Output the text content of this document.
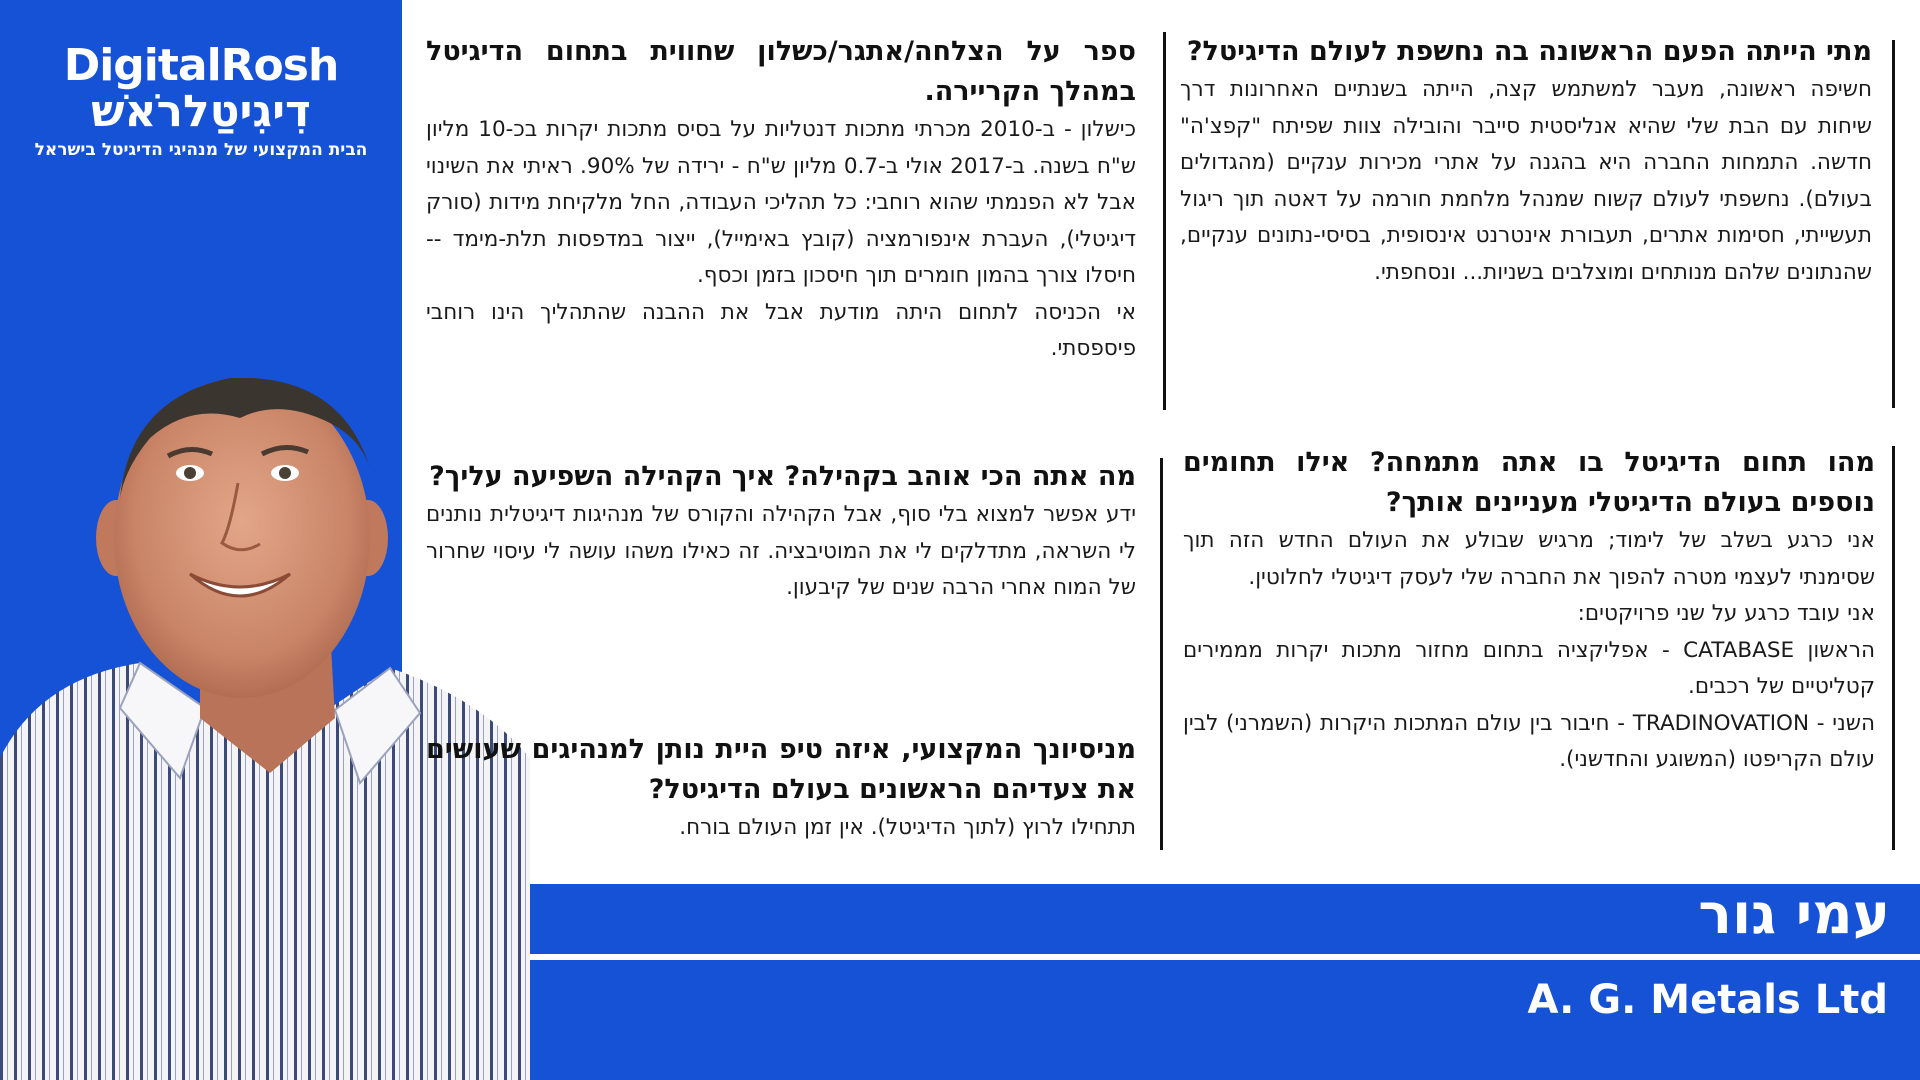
DigitalRosh
דִיגִיטַלרֹאשׁ
הבית המקצועי של מנהיגי הדיגיטל בישראל
עמי גור
A. G. Metals Ltd

מתי הייתה הפעם הראשונה בה נחשפת לעולם הדיגיטל?

חשיפה ראשונה, מעבר למשתמש קצה, הייתה בשנתיים האחרונות דרך שיחות עם הבת שלי שהיא אנליסטית סייבר והובילה צוות שפיתח "קפצ'ה" חדשה. התמחות החברה היא בהגנה על אתרי מכירות ענקיים (מהגדולים בעולם). נחשפתי לעולם קשוח שמנהל מלחמת חורמה על דאטה תוך ריגול תעשייתי, חסימות אתרים, תעבורת אינטרנט אינסופית, בסיסי-נתונים ענקיים, שהנתונים שלהם מנותחים ומוצלבים בשניות... ונסחפתי.

ספר על הצלחה/אתגר/כשלון שחווית בתחום הדיגיטל במהלך הקריירה.

כישלון - ב-2010 מכרתי מתכות דנטליות על בסיס מתכות יקרות בכ-10 מליון ש"ח בשנה. ב-2017 אולי ב-0.7 מליון ש"ח - ירידה של 90%. ראיתי את השינוי אבל לא הפנמתי שהוא רוחבי: כל תהליכי העבודה, החל מלקיחת מידות (סורק דיגיטלי), העברת אינפורמציה (קובץ באימייל), ייצור במדפסות תלת-מימד -- חיסלו צורך בהמון חומרים תוך חיסכון בזמן וכסף.

אי הכניסה לתחום היתה מודעת אבל את ההבנה שהתהליך הינו רוחבי פיספסתי.

מהו תחום הדיגיטל בו אתה מתמחה? אילו תחומים נוספים בעולם הדיגיטלי מעניינים אותך?

אני כרגע בשלב של לימוד; מרגיש שבולע את העולם החדש הזה תוך שסימנתי לעצמי מטרה להפוך את החברה שלי לעסק דיגיטלי לחלוטין.

אני עובד כרגע על שני פרויקטים:

הראשון CATABASE - אפליקציה בתחום מחזור מתכות יקרות מממירים קטליטיים של רכבים.

השני - TRADINOVATION - חיבור בין עולם המתכות היקרות (השמרני) לבין עולם הקריפטו (המשוגע והחדשני).

מה אתה הכי אוהב בקהילה? איך הקהילה השפיעה עליך?

ידע אפשר למצוא בלי סוף, אבל הקהילה והקורס של מנהיגות דיגיטלית נותנים לי השראה, מתדלקים לי את המוטיבציה. זה כאילו משהו עושה לי עיסוי שחרור של המוח אחרי הרבה שנים של קיבעון.

מניסיונך המקצועי, איזה טיפ היית נותן למנהיגים שעושים את צעדיהם הראשונים בעולם הדיגיטל?

תתחילו לרוץ (לתוך הדיגיטל). אין זמן העולם בורח.
